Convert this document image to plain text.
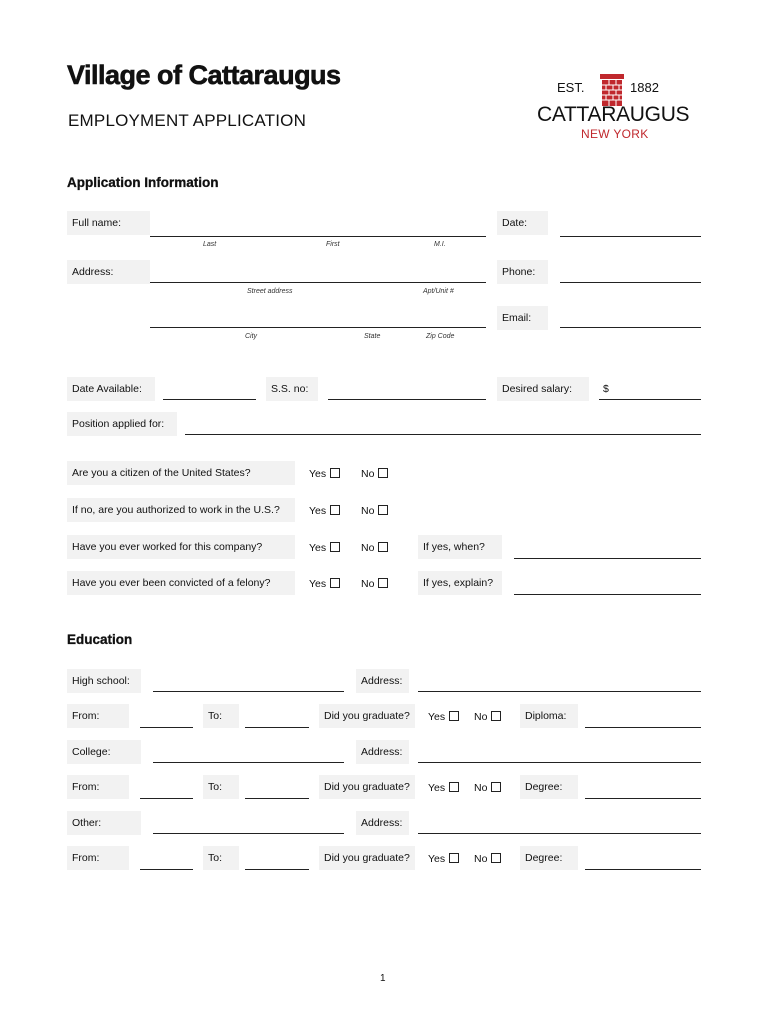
Village of Cattaraugus
EMPLOYMENT APPLICATION
EST.	1882
CATTARAUGUS
NEW YORK
Application Information
Full name:
Last	First	M.I.
Date:
Address:
Street address	Apt/Unit #
Phone:
City	State	Zip Code
Email:
Date Available:	S.S. no:	Desired salary:	$
Position applied for:
Are you a citizen of the United States?	Yes	No
If no, are you authorized to work in the U.S.?	Yes	No
Have you ever worked for this company?	Yes	No	If yes, when?
Have you ever been convicted of a felony?	Yes	No	If yes, explain?
Education
High school:	Address:
From:	To:	Did you graduate?	Yes	No	Diploma:
College:	Address:
From:	To:	Did you graduate?	Yes	No	Degree:
Other:	Address:
From:	To:	Did you graduate?	Yes	No	Degree:
1
